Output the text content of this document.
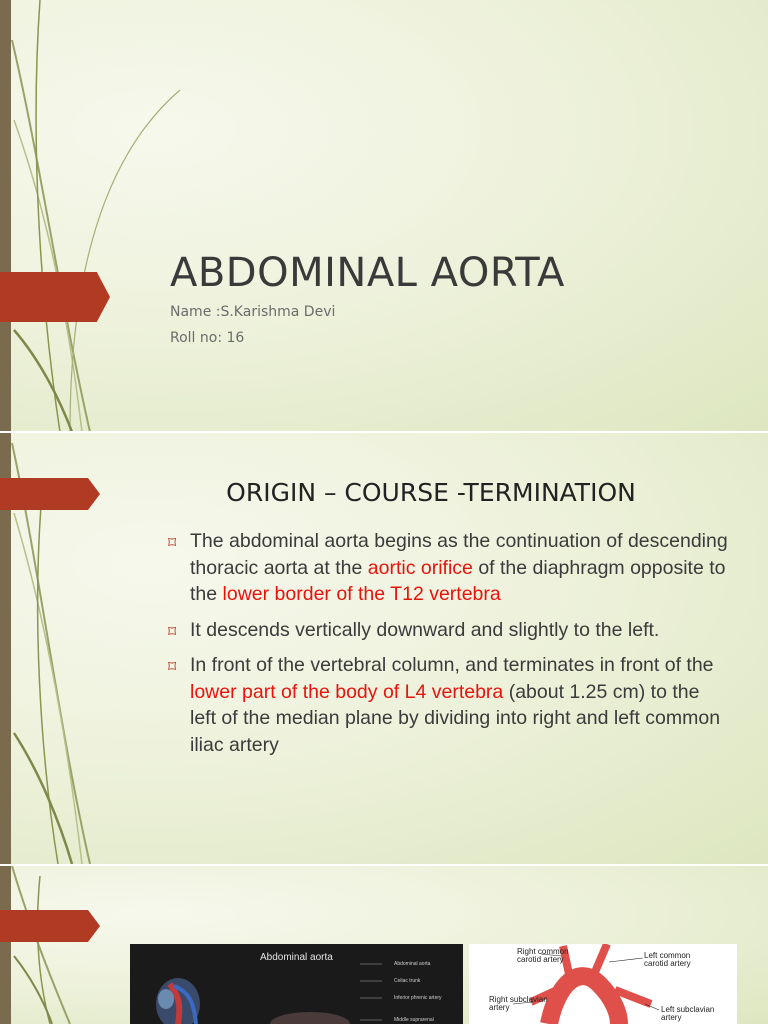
ABDOMINAL AORTA
Name :S.Karishma Devi
Roll no: 16
ORIGIN – COURSE -TERMINATION
⌑ The abdominal aorta begins as the continuation of descending thoracic aorta at the aortic orifice of the diaphragm opposite to the lower border of the T12 vertebra
⌑ It descends vertically downward and slightly to the left.
⌑ In front of the vertebral column, and terminates in front of the lower part of the body of L4 vertebra (about 1.25 cm) to the left of the median plane by dividing into right and left common iliac artery
Abdominal aorta
Abdominal aorta
Celiac trunk
Inferior phrenic artery
Middle suprarenal
Right common carotid artery	Left common carotid artery
Right subclavian artery	Left subclavian artery
